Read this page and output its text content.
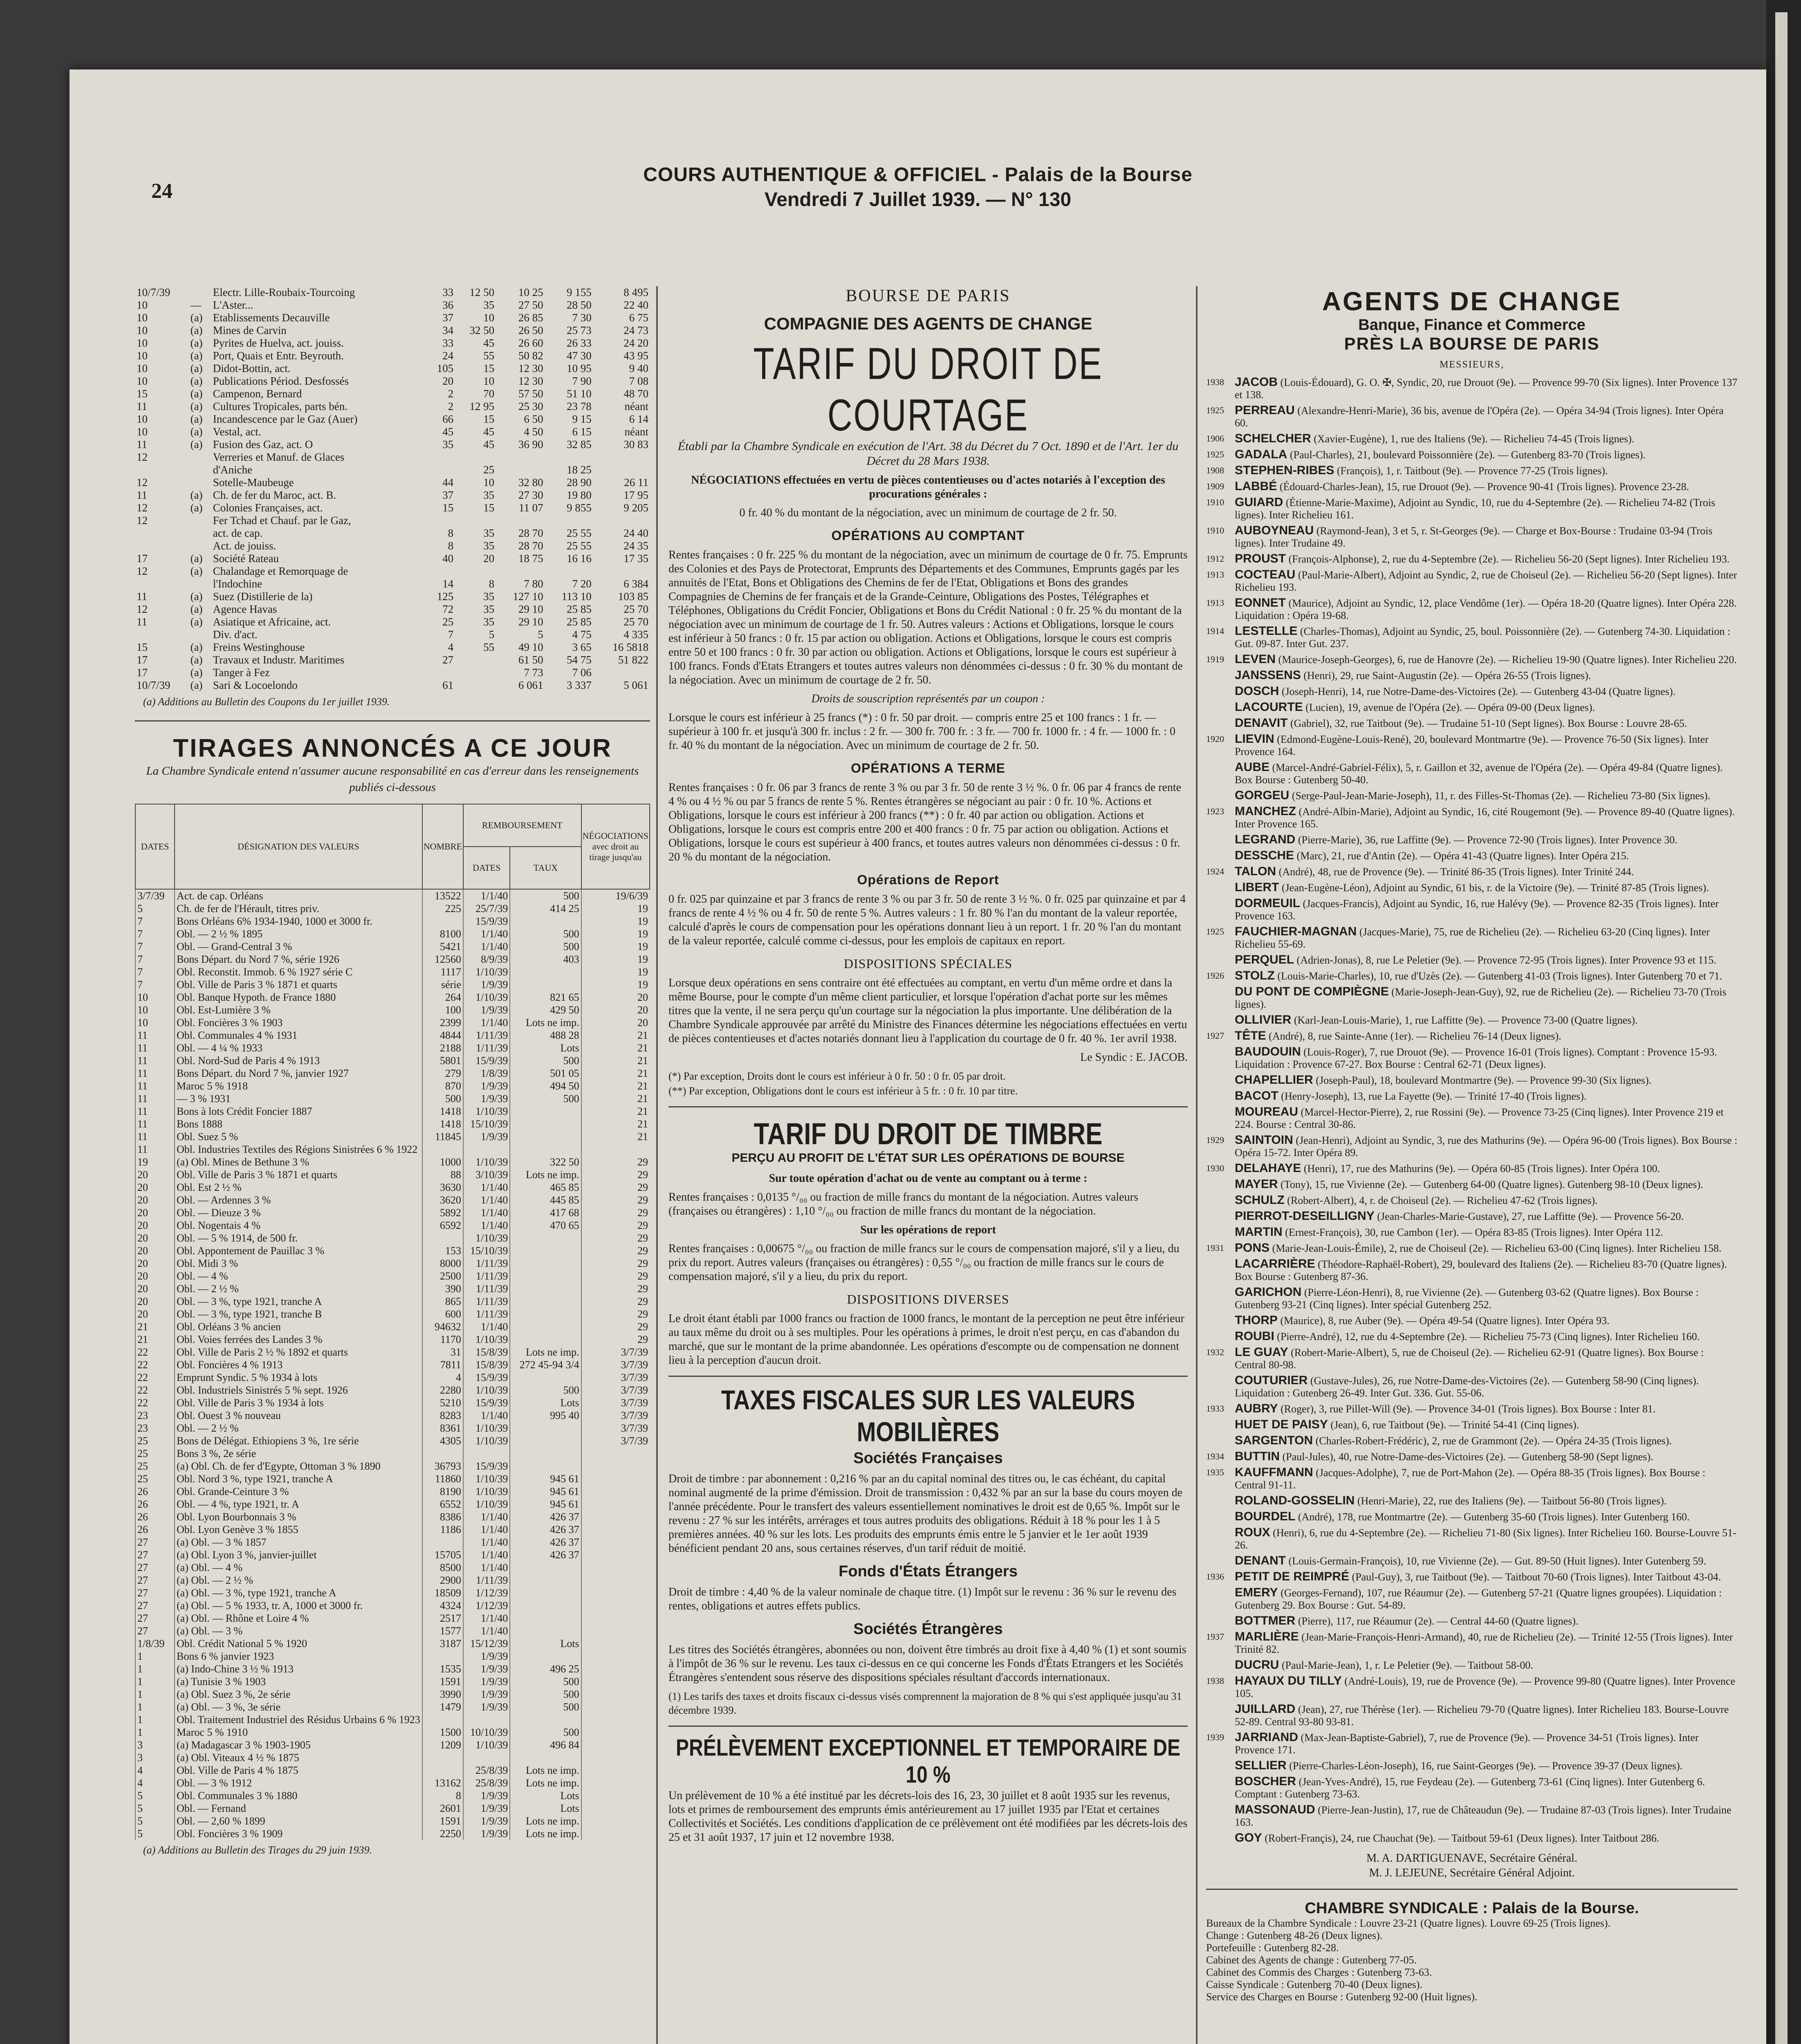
24
COURS AUTHENTIQUE & OFFICIEL - Palais de la Bourse
Vendredi 7 Juillet 1939. — N° 130
10/7/39		Electr. Lille-Roubaix-Tourcoing	33	12 50	10 25	9 155	8 495
10	—	L'Aster...	36	35	27 50	28 50	22 40
10	(a)	Etablissements Decauville	37	10	26 85	7 30	6 75
10	(a)	Mines de Carvin	34	32 50	26 50	25 73	24 73
10	(a)	Pyrites de Huelva, act. jouiss.	33	45	26 60	26 33	24 20
10	(a)	Port, Quais et Entr. Beyrouth.	24	55	50 82	47 30	43 95
10	(a)	Didot-Bottin, act.	105	15	12 30	10 95	9 40
10	(a)	Publications Périod. Desfossés	20	10	12 30	7 90	7 08
15	(a)	Campenon, Bernard	2	70	57 50	51 10	48 70
11	(a)	Cultures Tropicales, parts bén.	2	12 95	25 30	23 78	néant
10	(a)	Incandescence par le Gaz (Auer)	66	15	6 50	9 15	6 14
10	(a)	Vestal, act.	45	45	4 50	6 15	néant
11	(a)	Fusion des Gaz, act. O	35	45	36 90	32 85	30 83
12		Verreries et Manuf. de Glaces					
		d'Aniche		25		18 25	
12		Sotelle-Maubeuge	44	10	32 80	28 90	26 11
11	(a)	Ch. de fer du Maroc, act. B.	37	35	27 30	19 80	17 95
12	(a)	Colonies Françaises, act.	15	15	11 07	9 855	9 205
12		Fer Tchad et Chauf. par le Gaz,					
		act. de cap.	8	35	28 70	25 55	24 40
		Act. de jouiss.	8	35	28 70	25 55	24 35
17	(a)	Société Rateau	40	20	18 75	16 16	17 35
12	(a)	Chalandage et Remorquage de					
		l'Indochine	14	8	7 80	7 20	6 384
11	(a)	Suez (Distillerie de la)	125	35	127 10	113 10	103 85
12	(a)	Agence Havas	72	35	29 10	25 85	25 70
11	(a)	Asiatique et Africaine, act.	25	35	29 10	25 85	25 70
		Div. d'act.	7	5	5	4 75	4 335
15	(a)	Freins Westinghouse	4	55	49 10	3 65	16 5818
17	(a)	Travaux et Industr. Maritimes	27		61 50	54 75	51 822
17	(a)	Tanger à Fez			7 73	7 06	
10/7/39	(a)	Sari & Locoelondo	61		6 061	3 337	5 061
(a) Additions au Bulletin des Coupons du 1er juillet 1939.
TIRAGES ANNONCÉS A CE JOUR
La Chambre Syndicale entend n'assumer aucune responsabilité en cas d'erreur dans les renseignements publiés ci-dessous
DATES	DÉSIGNATION DES VALEURS	NOMBRE	REMBOURSEMENT		NÉGOCIATIONS avec droit au tirage jusqu'au
			DATES	TAUX	
3/7/39	Act. de cap. Orléans	13522	1/1/40	500	19/6/39
5	Ch. de fer de l'Hérault, titres priv.	225	25/7/39	414 25	19
7	Bons Orléans 6% 1934-1940, 1000 et 3000 fr.		15/9/39		19
7	Obl. — 2 ½ % 1895	8100	1/1/40	500	19
7	Obl. — Grand-Central 3 %	5421	1/1/40	500	19
7	Bons Départ. du Nord 7 %, série 1926	12560	8/9/39	403	19
7	Obl. Reconstit. Immob. 6 % 1927 série C	1117	1/10/39		19
7	Obl. Ville de Paris 3 % 1871 et quarts	série	1/9/39		19
10	Obl. Banque Hypoth. de France 1880	264	1/10/39	821 65	20
10	Obl. Est-Lumière 3 %	100	1/9/39	429 50	20
10	Obl. Foncières 3 % 1903	2399	1/1/40	Lots ne imp.	20
11	Obl. Communales 4 % 1931	4844	1/11/39	488 28	21
11	Obl. — 4 ¼ % 1933	2188	1/11/39	Lots	21
11	Obl. Nord-Sud de Paris 4 % 1913	5801	15/9/39	500	21
11	Bons Départ. du Nord 7 %, janvier 1927	279	1/8/39	501 05	21
11	Maroc 5 % 1918	870	1/9/39	494 50	21
11	— 3 % 1931	500	1/9/39	500	21
11	Bons à lots Crédit Foncier 1887	1418	1/10/39		21
11	Bons 1888	1418	15/10/39		21
11	Obl. Suez 5 %	11845	1/9/39		21
11	Obl. Industries Textiles des Régions Sinistrées 6 % 1922				
19	(a) Obl. Mines de Bethune 3 %	1000	1/10/39	322 50	29
20	Obl. Ville de Paris 3 % 1871 et quarts	88	3/10/39	Lots ne imp.	29
20	Obl. Est 2 ½ %	3630	1/1/40	465 85	29
20	Obl. — Ardennes 3 %	3620	1/1/40	445 85	29
20	Obl. — Dieuze 3 %	5892	1/1/40	417 68	29
20	Obl. Nogentais 4 %	6592	1/1/40	470 65	29
20	Obl. — 5 % 1914, de 500 fr.		1/10/39		29
20	Obl. Appontement de Pauillac 3 %	153	15/10/39		29
20	Obl. Midi 3 %	8000	1/11/39		29
20	Obl. — 4 %	2500	1/11/39		29
20	Obl. — 2 ½ %	390	1/11/39		29
20	Obl. — 3 %, type 1921, tranche A	865	1/11/39		29
20	Obl. — 3 %, type 1921, tranche B	600	1/11/39		29
21	Obl. Orléans 3 % ancien	94632	1/1/40		29
21	Obl. Voies ferrées des Landes 3 %	1170	1/10/39		29
22	Obl. Ville de Paris 2 ½ % 1892 et quarts	31	15/8/39	Lots ne imp.	3/7/39
22	Obl. Foncières 4 % 1913	7811	15/8/39	272 45-94 3/4	3/7/39
22	Emprunt Syndic. 5 % 1934 à lots	4	15/9/39		3/7/39
22	Obl. Industriels Sinistrés 5 % sept. 1926	2280	1/10/39	500	3/7/39
22	Obl. Ville de Paris 3 % 1934 à lots	5210	15/9/39	Lots	3/7/39
23	Obl. Ouest 3 % nouveau	8283	1/1/40	995 40	3/7/39
23	Obl. — 2 ½ %	8361	1/10/39		3/7/39
25	Bons de Délégat. Ethiopiens 3 %, 1re série	4305	1/10/39		3/7/39
25	Bons 3 %, 2e série				
25	(a) Obl. Ch. de fer d'Egypte, Ottoman 3 % 1890	36793	15/9/39		
25	Obl. Nord 3 %, type 1921, tranche A	11860	1/10/39	945 61	
26	Obl. Grande-Ceinture 3 %	8190	1/10/39	945 61	
26	Obl. — 4 %, type 1921, tr. A	6552	1/10/39	945 61	
26	Obl. Lyon Bourbonnais 3 %	8386	1/1/40	426 37	
26	Obl. Lyon Genève 3 % 1855	1186	1/1/40	426 37	
27	(a) Obl. — 3 % 1857		1/1/40	426 37	
27	(a) Obl. Lyon 3 %, janvier-juillet	15705	1/1/40	426 37	
27	(a) Obl. — 4 %	8500	1/1/40		
27	(a) Obl. — 2 ½ %	2900	1/11/39		
27	(a) Obl. — 3 %, type 1921, tranche A	18509	1/12/39		
27	(a) Obl. — 5 % 1933, tr. A, 1000 et 3000 fr.	4324	1/12/39		
27	(a) Obl. — Rhône et Loire 4 %	2517	1/1/40		
27	(a) Obl. — 3 %	1577	1/1/40		
1/8/39	Obl. Crédit National 5 % 1920	3187	15/12/39	Lots	
1	Bons 6 % janvier 1923		1/9/39		
1	(a) Indo-Chine 3 ½ % 1913	1535	1/9/39	496 25	
1	(a) Tunisie 3 % 1903	1591	1/9/39	500	
1	(a) Obl. Suez 3 %, 2e série	3990	1/9/39	500	
1	(a) Obl. — 3 %, 3e série	1479	1/9/39	500	
1	Obl. Traitement Industriel des Résidus Urbains 6 % 1923				
1	Maroc 5 % 1910	1500	10/10/39	500	
3	(a) Madagascar 3 % 1903-1905	1209	1/10/39	496 84	
3	(a) Obl. Viteaux 4 ½ % 1875				
4	Obl. Ville de Paris 4 % 1875		25/8/39	Lots ne imp.	
4	Obl. — 3 % 1912	13162	25/8/39	Lots ne imp.	
5	Obl. Communales 3 % 1880	8	1/9/39	Lots	
5	Obl. — Fernand	2601	1/9/39	Lots	
5	Obl. — 2,60 % 1899	1591	1/9/39	Lots ne imp.	
5	Obl. Foncières 3 % 1909	2250	1/9/39	Lots ne imp.	
(a) Additions au Bulletin des Tirages du 29 juin 1939.

BOURSE DE PARIS
COMPAGNIE DES AGENTS DE CHANGE
TARIF DU DROIT DE COURTAGE
Établi par la Chambre Syndicale en exécution de l'Art. 38 du Décret du 7 Oct. 1890 et de l'Art. 1er du Décret du 28 Mars 1938.

NÉGOCIATIONS effectuées en vertu de pièces contentieuses ou d'actes notariés à l'exception des procurations générales :

0 fr. 40 % du montant de la négociation, avec un minimum de courtage de 2 fr. 50.

OPÉRATIONS AU COMPTANT

Rentes françaises : 0 fr. 225 % du montant de la négociation, avec un minimum de courtage de 0 fr. 75. Emprunts des Colonies et des Pays de Protectorat, Emprunts des Départements et des Communes, Emprunts gagés par les annuités de l'Etat, Bons et Obligations des Chemins de fer de l'Etat, Obligations et Bons des grandes Compagnies de Chemins de fer français et de la Grande-Ceinture, Obligations des Postes, Télégraphes et Téléphones, Obligations du Crédit Foncier, Obligations et Bons du Crédit National : 0 fr. 25 % du montant de la négociation avec un minimum de courtage de 1 fr. 50. Autres valeurs : Actions et Obligations, lorsque le cours est inférieur à 50 francs : 0 fr. 15 par action ou obligation. Actions et Obligations, lorsque le cours est compris entre 50 et 100 francs : 0 fr. 30 par action ou obligation. Actions et Obligations, lorsque le cours est supérieur à 100 francs. Fonds d'Etats Etrangers et toutes autres valeurs non dénommées ci-dessus : 0 fr. 30 % du montant de la négociation. Avec un minimum de courtage de 2 fr. 50.

Droits de souscription représentés par un coupon :

Lorsque le cours est inférieur à 25 francs (*) : 0 fr. 50 par droit. — compris entre 25 et 100 francs : 1 fr. — supérieur à 100 fr. et jusqu'à 300 fr. inclus : 2 fr. — 300 fr. 700 fr. : 3 fr. — 700 fr. 1000 fr. : 4 fr. — 1000 fr. : 0 fr. 40 % du montant de la négociation. Avec un minimum de courtage de 2 fr. 50.

OPÉRATIONS A TERME

Rentes françaises : 0 fr. 06 par 3 francs de rente 3 % ou par 3 fr. 50 de rente 3 ½ %. 0 fr. 06 par 4 francs de rente 4 % ou 4 ½ % ou par 5 francs de rente 5 %. Rentes étrangères se négociant au pair : 0 fr. 10 %. Actions et Obligations, lorsque le cours est inférieur à 200 francs (**) : 0 fr. 40 par action ou obligation. Actions et Obligations, lorsque le cours est compris entre 200 et 400 francs : 0 fr. 75 par action ou obligation. Actions et Obligations, lorsque le cours est supérieur à 400 francs, et toutes autres valeurs non dénommées ci-dessus : 0 fr. 20 % du montant de la négociation.

Opérations de Report

0 fr. 025 par quinzaine et par 3 francs de rente 3 % ou par 3 fr. 50 de rente 3 ½ %. 0 fr. 025 par quinzaine et par 4 francs de rente 4 ½ % ou 4 fr. 50 de rente 5 %. Autres valeurs : 1 fr. 80 % l'an du montant de la valeur reportée, calculé d'après le cours de compensation pour les opérations donnant lieu à un report. 1 fr. 20 % l'an du montant de la valeur reportée, calculé comme ci-dessus, pour les emplois de capitaux en report.

DISPOSITIONS SPÉCIALES

Lorsque deux opérations en sens contraire ont été effectuées au comptant, en vertu d'un même ordre et dans la même Bourse, pour le compte d'un même client particulier, et lorsque l'opération d'achat porte sur les mêmes titres que la vente, il ne sera perçu qu'un courtage sur la négociation la plus importante. Une délibération de la Chambre Syndicale approuvée par arrêté du Ministre des Finances détermine les négociations effectuées en vertu de pièces contentieuses et d'actes notariés donnant lieu à l'application du courtage de 0 fr. 40 %. 1er avril 1938.

Le Syndic : E. JACOB.

(*) Par exception, Droits dont le cours est inférieur à 0 fr. 50 : 0 fr. 05 par droit.

(**) Par exception, Obligations dont le cours est inférieur à 5 fr. : 0 fr. 10 par titre.

TARIF DU DROIT DE TIMBRE
PERÇU AU PROFIT DE L'ÉTAT SUR LES OPÉRATIONS DE BOURSE

Sur toute opération d'achat ou de vente au comptant ou à terme :

Rentes françaises : 0,0135 °/₀₀ ou fraction de mille francs du montant de la négociation. Autres valeurs (françaises ou étrangères) : 1,10 °/₀₀ ou fraction de mille francs du montant de la négociation.

Sur les opérations de report

Rentes françaises : 0,00675 °/₀₀ ou fraction de mille francs sur le cours de compensation majoré, s'il y a lieu, du prix du report. Autres valeurs (françaises ou étrangères) : 0,55 °/₀₀ ou fraction de mille francs sur le cours de compensation majoré, s'il y a lieu, du prix du report.

DISPOSITIONS DIVERSES

Le droit étant établi par 1000 francs ou fraction de 1000 francs, le montant de la perception ne peut être inférieur au taux même du droit ou à ses multiples. Pour les opérations à primes, le droit n'est perçu, en cas d'abandon du marché, que sur le montant de la prime abandonnée. Les opérations d'escompte ou de compensation ne donnent lieu à la perception d'aucun droit.

TAXES FISCALES SUR LES VALEURS MOBILIÈRES
Sociétés Françaises

Droit de timbre : par abonnement : 0,216 % par an du capital nominal des titres ou, le cas échéant, du capital nominal augmenté de la prime d'émission. Droit de transmission : 0,432 % par an sur la base du cours moyen de l'année précédente. Pour le transfert des valeurs essentiellement nominatives le droit est de 0,65 %. Impôt sur le revenu : 27 % sur les intérêts, arrérages et tous autres produits des obligations. Réduit à 18 % pour les 1 à 5 premières années. 40 % sur les lots. Les produits des emprunts émis entre le 5 janvier et le 1er août 1939 bénéficient pendant 20 ans, sous certaines réserves, d'un tarif réduit de moitié.

Fonds d'États Étrangers

Droit de timbre : 4,40 % de la valeur nominale de chaque titre. (1) Impôt sur le revenu : 36 % sur le revenu des rentes, obligations et autres effets publics.

Sociétés Étrangères

Les titres des Sociétés étrangères, abonnées ou non, doivent être timbrés au droit fixe à 4,40 % (1) et sont soumis à l'impôt de 36 % sur le revenu. Les taux ci-dessus en ce qui concerne les Fonds d'États Etrangers et les Sociétés Étrangères s'entendent sous réserve des dispositions spéciales résultant d'accords internationaux.

(1) Les tarifs des taxes et droits fiscaux ci-dessus visés comprennent la majoration de 8 % qui s'est appliquée jusqu'au 31 décembre 1939.

PRÉLÈVEMENT EXCEPTIONNEL ET TEMPORAIRE DE 10 %

Un prélèvement de 10 % a été institué par les décrets-lois des 16, 23, 30 juillet et 8 août 1935 sur les revenus, lots et primes de remboursement des emprunts émis antérieurement au 17 juillet 1935 par l'Etat et certaines Collectivités et Sociétés. Les conditions d'application de ce prélèvement ont été modifiées par les décrets-lois des 25 et 31 août 1937, 17 juin et 12 novembre 1938.

AGENTS DE CHANGE
Banque, Finance et Commerce
PRÈS LA BOURSE DE PARIS
MESSIEURS,
1938 JACOB (Louis-Édouard), G. O. ✠, Syndic, 20, rue Drouot (9e). — Provence 99-70 (Six lignes). Inter Provence 137 et 138.
1925 PERREAU (Alexandre-Henri-Marie), 36 bis, avenue de l'Opéra (2e). — Opéra 34-94 (Trois lignes). Inter Opéra 60.
1906 SCHELCHER (Xavier-Eugène), 1, rue des Italiens (9e). — Richelieu 74-45 (Trois lignes).
1925 GADALA (Paul-Charles), 21, boulevard Poissonnière (2e). — Gutenberg 83-70 (Trois lignes).
1908 STEPHEN-RIBES (François), 1, r. Taitbout (9e). — Provence 77-25 (Trois lignes).
1909 LABBÉ (Édouard-Charles-Jean), 15, rue Drouot (9e). — Provence 90-41 (Trois lignes). Provence 23-28.
1910 GUIARD (Étienne-Marie-Maxime), Adjoint au Syndic, 10, rue du 4-Septembre (2e). — Richelieu 74-82 (Trois lignes). Inter Richelieu 161.
1910 AUBOYNEAU (Raymond-Jean), 3 et 5, r. St-Georges (9e). — Charge et Box-Bourse : Trudaine 03-94 (Trois lignes). Inter Trudaine 49.
1912 PROUST (François-Alphonse), 2, rue du 4-Septembre (2e). — Richelieu 56-20 (Sept lignes). Inter Richelieu 193.
1913 COCTEAU (Paul-Marie-Albert), Adjoint au Syndic, 2, rue de Choiseul (2e). — Richelieu 56-20 (Sept lignes). Inter Richelieu 193.
1913 EONNET (Maurice), Adjoint au Syndic, 12, place Vendôme (1er). — Opéra 18-20 (Quatre lignes). Inter Opéra 228. Liquidation : Opéra 19-68.
1914 LESTELLE (Charles-Thomas), Adjoint au Syndic, 25, boul. Poissonnière (2e). — Gutenberg 74-30. Liquidation : Gut. 09-87. Inter Gut. 237.
1919 LEVEN (Maurice-Joseph-Georges), 6, rue de Hanovre (2e). — Richelieu 19-90 (Quatre lignes). Inter Richelieu 220.
JANSSENS (Henri), 29, rue Saint-Augustin (2e). — Opéra 26-55 (Trois lignes).
DOSCH (Joseph-Henri), 14, rue Notre-Dame-des-Victoires (2e). — Gutenberg 43-04 (Quatre lignes).
LACOURTE (Lucien), 19, avenue de l'Opéra (2e). — Opéra 09-00 (Deux lignes).
DENAVIT (Gabriel), 32, rue Taitbout (9e). — Trudaine 51-10 (Sept lignes). Box Bourse : Louvre 28-65.
1920 LIEVIN (Edmond-Eugène-Louis-René), 20, boulevard Montmartre (9e). — Provence 76-50 (Six lignes). Inter Provence 164.
AUBE (Marcel-André-Gabriel-Félix), 5, r. Gaillon et 32, avenue de l'Opéra (2e). — Opéra 49-84 (Quatre lignes). Box Bourse : Gutenberg 50-40.
GORGEU (Serge-Paul-Jean-Marie-Joseph), 11, r. des Filles-St-Thomas (2e). — Richelieu 73-80 (Six lignes).
1923 MANCHEZ (André-Albin-Marie), Adjoint au Syndic, 16, cité Rougemont (9e). — Provence 89-40 (Quatre lignes). Inter Provence 165.
LEGRAND (Pierre-Marie), 36, rue Laffitte (9e). — Provence 72-90 (Trois lignes). Inter Provence 30.
DESSCHE (Marc), 21, rue d'Antin (2e). — Opéra 41-43 (Quatre lignes). Inter Opéra 215.
1924 TALON (André), 48, rue de Provence (9e). — Trinité 86-35 (Trois lignes). Inter Trinité 244.
LIBERT (Jean-Eugène-Léon), Adjoint au Syndic, 61 bis, r. de la Victoire (9e). — Trinité 87-85 (Trois lignes).
DORMEUIL (Jacques-Francis), Adjoint au Syndic, 16, rue Halévy (9e). — Provence 82-35 (Trois lignes). Inter Provence 163.
1925 FAUCHIER-MAGNAN (Jacques-Marie), 75, rue de Richelieu (2e). — Richelieu 63-20 (Cinq lignes). Inter Richelieu 55-69.
PERQUEL (Adrien-Jonas), 8, rue Le Peletier (9e). — Provence 72-95 (Trois lignes). Inter Provence 93 et 115.
1926 STOLZ (Louis-Marie-Charles), 10, rue d'Uzès (2e). — Gutenberg 41-03 (Trois lignes). Inter Gutenberg 70 et 71.
DU PONT DE COMPIÈGNE (Marie-Joseph-Jean-Guy), 92, rue de Richelieu (2e). — Richelieu 73-70 (Trois lignes).
OLLIVIER (Karl-Jean-Louis-Marie), 1, rue Laffitte (9e). — Provence 73-00 (Quatre lignes).
1927 TÊTE (André), 8, rue Sainte-Anne (1er). — Richelieu 76-14 (Deux lignes).
BAUDOUIN (Louis-Roger), 7, rue Drouot (9e). — Provence 16-01 (Trois lignes). Comptant : Provence 15-93. Liquidation : Provence 67-27. Box Bourse : Central 62-71 (Deux lignes).
CHAPELLIER (Joseph-Paul), 18, boulevard Montmartre (9e). — Provence 99-30 (Six lignes).
BACOT (Henry-Joseph), 13, rue La Fayette (9e). — Trinité 17-40 (Trois lignes).
MOUREAU (Marcel-Hector-Pierre), 2, rue Rossini (9e). — Provence 73-25 (Cinq lignes). Inter Provence 219 et 224. Bourse : Central 30-86.
1929 SAINTOIN (Jean-Henri), Adjoint au Syndic, 3, rue des Mathurins (9e). — Opéra 96-00 (Trois lignes). Box Bourse : Opéra 15-72. Inter Opéra 89.
1930 DELAHAYE (Henri), 17, rue des Mathurins (9e). — Opéra 60-85 (Trois lignes). Inter Opéra 100.
MAYER (Tony), 15, rue Vivienne (2e). — Gutenberg 64-00 (Quatre lignes). Gutenberg 98-10 (Deux lignes).
SCHULZ (Robert-Albert), 4, r. de Choiseul (2e). — Richelieu 47-62 (Trois lignes).
PIERROT-DESEILLIGNY (Jean-Charles-Marie-Gustave), 27, rue Laffitte (9e). — Provence 56-20.
MARTIN (Ernest-François), 30, rue Cambon (1er). — Opéra 83-85 (Trois lignes). Inter Opéra 112.
1931 PONS (Marie-Jean-Louis-Émile), 2, rue de Choiseul (2e). — Richelieu 63-00 (Cinq lignes). Inter Richelieu 158.
LACARRIÈRE (Théodore-Raphaël-Robert), 29, boulevard des Italiens (2e). — Richelieu 83-70 (Quatre lignes). Box Bourse : Gutenberg 87-36.
GARICHON (Pierre-Léon-Henri), 8, rue Vivienne (2e). — Gutenberg 03-62 (Quatre lignes). Box Bourse : Gutenberg 93-21 (Cinq lignes). Inter spécial Gutenberg 252.
THORP (Maurice), 8, rue Auber (9e). — Opéra 49-54 (Quatre lignes). Inter Opéra 93.
ROUBI (Pierre-André), 12, rue du 4-Septembre (2e). — Richelieu 75-73 (Cinq lignes). Inter Richelieu 160.
1932 LE GUAY (Robert-Marie-Albert), 5, rue de Choiseul (2e). — Richelieu 62-91 (Quatre lignes). Box Bourse : Central 80-98.
COUTURIER (Gustave-Jules), 26, rue Notre-Dame-des-Victoires (2e). — Gutenberg 58-90 (Cinq lignes). Liquidation : Gutenberg 26-49. Inter Gut. 336. Gut. 55-06.
1933 AUBRY (Roger), 3, rue Pillet-Will (9e). — Provence 34-01 (Trois lignes). Box Bourse : Inter 81.
HUET DE PAISY (Jean), 6, rue Taitbout (9e). — Trinité 54-41 (Cinq lignes).
SARGENTON (Charles-Robert-Frédéric), 2, rue de Grammont (2e). — Opéra 24-35 (Trois lignes).
1934 BUTTIN (Paul-Jules), 40, rue Notre-Dame-des-Victoires (2e). — Gutenberg 58-90 (Sept lignes).
1935 KAUFFMANN (Jacques-Adolphe), 7, rue de Port-Mahon (2e). — Opéra 88-35 (Trois lignes). Box Bourse : Central 91-11.
ROLAND-GOSSELIN (Henri-Marie), 22, rue des Italiens (9e). — Taitbout 56-80 (Trois lignes).
BOURDEL (André), 178, rue Montmartre (2e). — Gutenberg 35-60 (Trois lignes). Inter Gutenberg 160.
ROUX (Henri), 6, rue du 4-Septembre (2e). — Richelieu 71-80 (Six lignes). Inter Richelieu 160. Bourse-Louvre 51-26.
DENANT (Louis-Germain-François), 10, rue Vivienne (2e). — Gut. 89-50 (Huit lignes). Inter Gutenberg 59.
1936 PETIT DE REIMPRÉ (Paul-Guy), 3, rue Taitbout (9e). — Taitbout 70-60 (Trois lignes). Inter Taitbout 43-04.
EMERY (Georges-Fernand), 107, rue Réaumur (2e). — Gutenberg 57-21 (Quatre lignes groupées). Liquidation : Gutenberg 29. Box Bourse : Gut. 54-89.
BOTTMER (Pierre), 117, rue Réaumur (2e). — Central 44-60 (Quatre lignes).
1937 MARLIÈRE (Jean-Marie-François-Henri-Armand), 40, rue de Richelieu (2e). — Trinité 12-55 (Trois lignes). Inter Trinité 82.
DUCRU (Paul-Marie-Jean), 1, r. Le Peletier (9e). — Taitbout 58-00.
1938 HAYAUX DU TILLY (André-Louis), 19, rue de Provence (9e). — Provence 99-80 (Quatre lignes). Inter Provence 105.
JUILLARD (Jean), 27, rue Thérèse (1er). — Richelieu 79-70 (Quatre lignes). Inter Richelieu 183. Bourse-Louvre 52-89. Central 93-80 93-81.
1939 JARRIAND (Max-Jean-Baptiste-Gabriel), 7, rue de Provence (9e). — Provence 34-51 (Trois lignes). Inter Provence 171.
SELLIER (Pierre-Charles-Léon-Joseph), 16, rue Saint-Georges (9e). — Provence 39-37 (Deux lignes).
BOSCHER (Jean-Yves-André), 15, rue Feydeau (2e). — Gutenberg 73-61 (Cinq lignes). Inter Gutenberg 6. Comptant : Gutenberg 73-63.
MASSONAUD (Pierre-Jean-Justin), 17, rue de Châteaudun (9e). — Trudaine 87-03 (Trois lignes). Inter Trudaine 163.
GOY (Robert-Françis), 24, rue Chauchat (9e). — Taitbout 59-61 (Deux lignes). Inter Taitbout 286.
M. A. DARTIGUENAVE, Secrétaire Général.
M. J. LEJEUNE, Secrétaire Général Adjoint.
CHAMBRE SYNDICALE : Palais de la Bourse.
Bureaux de la Chambre Syndicale : Louvre 23-21 (Quatre lignes). Louvre 69-25 (Trois lignes).
Change : Gutenberg 48-26 (Deux lignes).
Portefeuille : Gutenberg 82-28.
Cabinet des Agents de change : Gutenberg 77-05.
Cabinet des Commis des Charges : Gutenberg 73-63.
Caisse Syndicale : Gutenberg 70-40 (Deux lignes).
Service des Charges en Bourse : Gutenberg 92-00 (Huit lignes).
